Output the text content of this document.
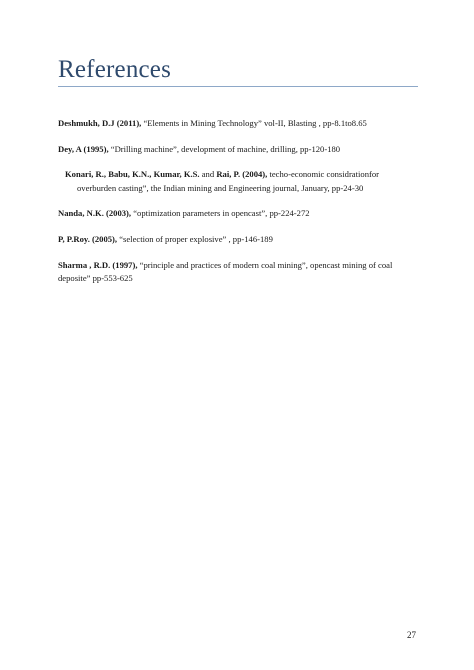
References

Deshmukh, D.J (2011), “Elements in Mining Technology” vol-II, Blasting , pp-8.1to8.65

Dey, A (1995), “Drilling machine”, development of machine, drilling, pp-120-180

Konari, R., Babu, K.N., Kumar, K.S. and Rai, P. (2004), techo-economic considrationfor
overburden casting”, the Indian mining and Engineering journal, January, pp-24-30

Nanda, N.K. (2003), “optimization parameters in opencast”, pp-224-272

P, P.Roy. (2005), “selection of proper explosive” , pp-146-189

Sharma , R.D. (1997), “principle and practices of modern coal mining”, opencast mining of coal deposite” pp-553-625

27
